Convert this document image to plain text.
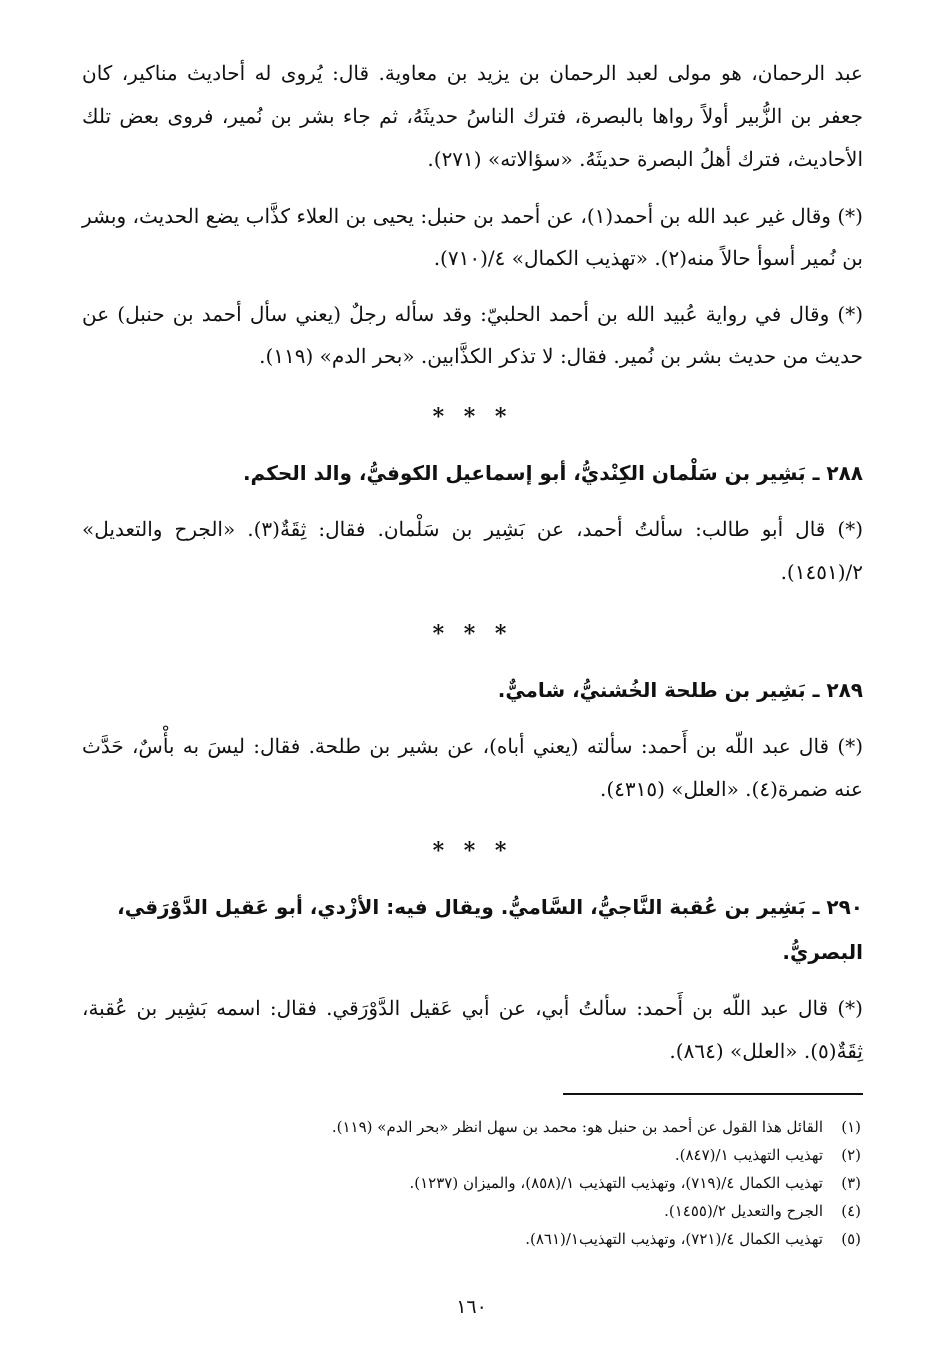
عبد الرحمان، هو مولى لعبد الرحمان بن يزيد بن معاوية. قال: يُروى له أحاديث مناكير، كان جعفر بن الزُّبير أولاً رواها بالبصرة، فترك الناسُ حديثَهُ، ثم جاء بشر بن نُمير، فروى بعض تلك الأحاديث، فترك أهلُ البصرة حديثَهُ. «سؤالاته» (٢٧١).

(*) وقال غير عبد الله بن أحمد(١)، عن أحمد بن حنبل: يحيى بن العلاء كذَّاب يضع الحديث، وبشر بن نُمير أسوأ حالاً منه(٢). «تهذيب الكمال» ٤/(٧١٠).

(*) وقال في رواية عُبيد الله بن أحمد الحلبيّ: وقد سأله رجلٌ (يعني سأل أحمد بن حنبل) عن حديث من حديث بشر بن نُمير. فقال: لا تذكر الكذَّابين. «بحر الدم» (١١٩).

* * *
٢٨٨ ـ بَشِير بن سَلْمان الكِنْديُّ، أبو إسماعيل الكوفيُّ، والد الحكم.

(*) قال أبو طالب: سألتُ أحمد، عن بَشِير بن سَلْمان. فقال: ثِقَةٌ(٣). «الجرح والتعديل» ٢/(١٤٥١).

* * *
٢٨٩ ـ بَشِير بن طلحة الخُشنيُّ، شاميٌّ.

(*) قال عبد اللّه بن أَحمد: سألته (يعني أباه)، عن بشير بن طلحة. فقال: ليسَ به بأْسٌ، حَدَّث عنه ضمرة(٤). «العلل» (٤٣١٥).

* * *
٢٩٠ ـ بَشِير بن عُقبة النَّاجيُّ، السَّاميُّ. ويقال فيه: الأزْدي، أبو عَقيل الدَّوْرَقي، البصريُّ.

(*) قال عبد اللّه بن أَحمد: سألتُ أبي، عن أبي عَقيل الدَّوْرَقي. فقال: اسمه بَشِير بن عُقبة، ثِقَةٌ(٥). «العلل» (٨٦٤).

(١)
القائل هذا القول عن أحمد بن حنبل هو: محمد بن سهل انظر «بحر الدم» (١١٩).
(٢)
تهذيب التهذيب ١/(٨٤٧).
(٣)
تهذيب الكمال ٤/(٧١٩)، وتهذيب التهذيب ١/(٨٥٨)، والميزان (١٢٣٧).
(٤)
الجرح والتعديل ٢/(١٤٥٥).
(٥)
تهذيب الكمال ٤/(٧٢١)، وتهذيب التهذيب١/(٨٦١).
١٦٠
